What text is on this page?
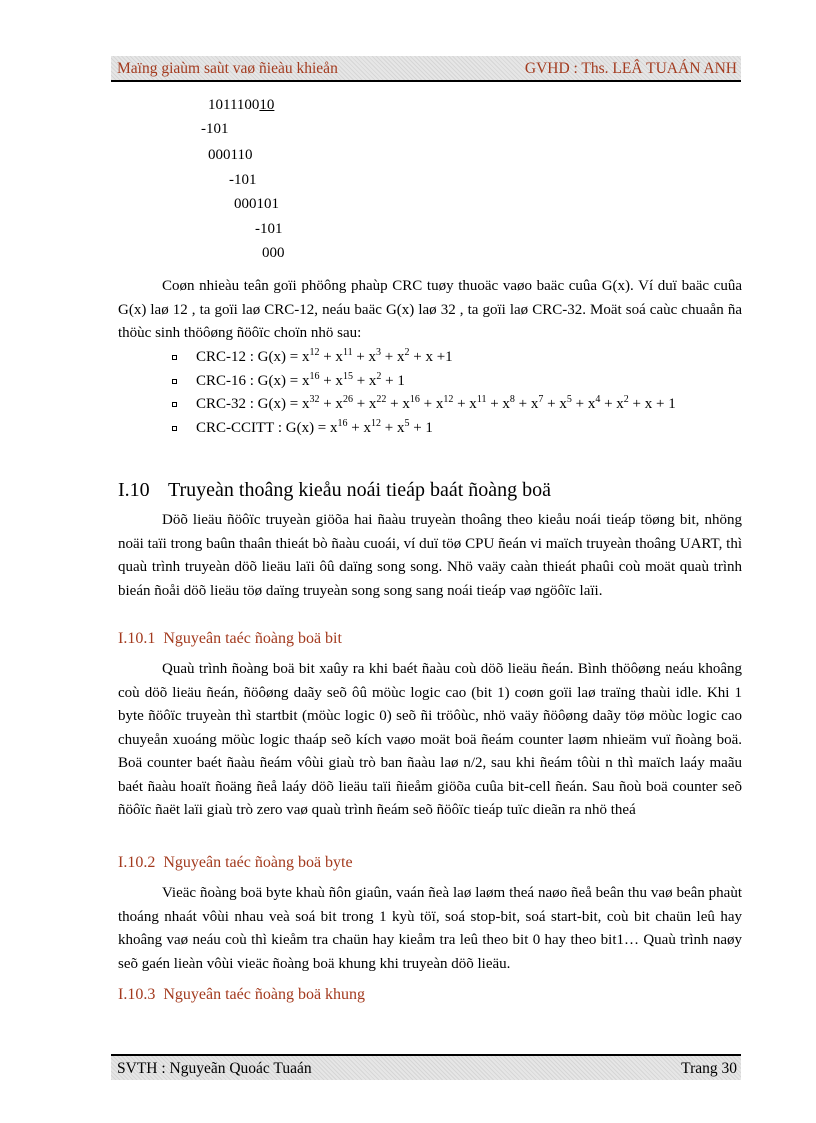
Maïng giaùm saùt vaø ñieàu khieån	GVHD : Ths. LEÂ TUAÁN ANH
101110010
-101
000110
-101
000101
-101
000
Coøn nhieàu teân goïi phöông phaùp CRC tuøy thuoäc vaøo baäc cuûa G(x). Ví duï baäc cuûa G(x) laø 12 , ta goïi laø CRC-12, neáu baäc G(x) laø 32 , ta goïi laø CRC-32. Moät soá caùc chuaån ña thöùc sinh thöôøng ñöôïc choïn nhö sau:
CRC-12 : $G(x) = x^{12} + x^{11} + x^3 + x^2 + x +1$
CRC-16 : $G(x) = x^{16} + x^{15} + x^2 + 1$
CRC-32 : $G(x) = x^{32} + x^{26} + x^{22} + x^{16} + x^{12} + x^{11} + x^8 + x^7 + x^5 + x^4 + x^2 + x + 1$
CRC-CCITT : $G(x) = x^{16} + x^{12} + x^5 + 1$
I.10 Truyeàn thoâng kieåu noái tieáp baát ñoàng boä
Döõ lieäu ñöôïc truyeàn giöõa hai ñaàu truyeàn thoâng theo kieåu noái tieáp töøng bit, nhöng noäi taïi trong baûn thaân thieát bò ñaàu cuoái, ví duï töø CPU ñeán vi maïch truyeàn thoâng UART, thì quaù trình truyeàn döõ lieäu laïi ôû daïng song song. Nhö vaäy caàn thieát phaûi coù moät quaù trình bieán ñoåi döõ lieäu töø daïng truyeàn song song sang noái tieáp vaø ngöôïc laïi.
I.10.1 Nguyeân taéc ñoàng boä bit
Quaù trình ñoàng boä bit xaûy ra khi baét ñaàu coù döõ lieäu ñeán. Bình thöôøng neáu khoâng coù döõ lieäu ñeán, ñöôøng daãy seõ ôû möùc logic cao (bit 1) coøn goïi laø traïng thaùi idle. Khi 1 byte ñöôïc truyeàn thì startbit (möùc logic 0) seõ ñi tröôùc, nhö vaäy ñöôøng daãy töø möùc logic cao chuyeån xuoáng möùc logic thaáp seõ kích vaøo moät boä ñeám counter laøm nhieäm vuï ñoàng boä. Boä counter baét ñaàu ñeám vôùi giaù trò ban ñaàu laø n/2, sau khi ñeám tôùi n thì maïch laáy maãu baét ñaàu hoaït ñoäng ñeå laáy döõ lieäu taïi ñieåm giöõa cuûa bit-cell ñeán. Sau ñoù boä counter seõ ñöôïc ñaët laïi giaù trò zero vaø quaù trình ñeám seõ ñöôïc tieáp tuïc dieãn ra nhö theá
I.10.2 Nguyeân taéc ñoàng boä byte
Vieäc ñoàng boä byte khaù ñôn giaûn, vaán ñeà laø laøm theá naøo ñeå beân thu vaø beân phaùt thoáng nhaát vôùi nhau veà soá bit trong 1 kyù töï, soá stop-bit, soá start-bit, coù bit chaün leû hay khoâng vaø neáu coù thì kieåm tra chaün hay kieåm tra leû theo bit 0 hay theo bit1… Quaù trình naøy seõ gaén lieàn vôùi vieäc ñoàng boä khung khi truyeàn döõ lieäu.
I.10.3 Nguyeân taéc ñoàng boä khung
SVTH : Nguyeãn Quoác Tuaán	Trang 30
